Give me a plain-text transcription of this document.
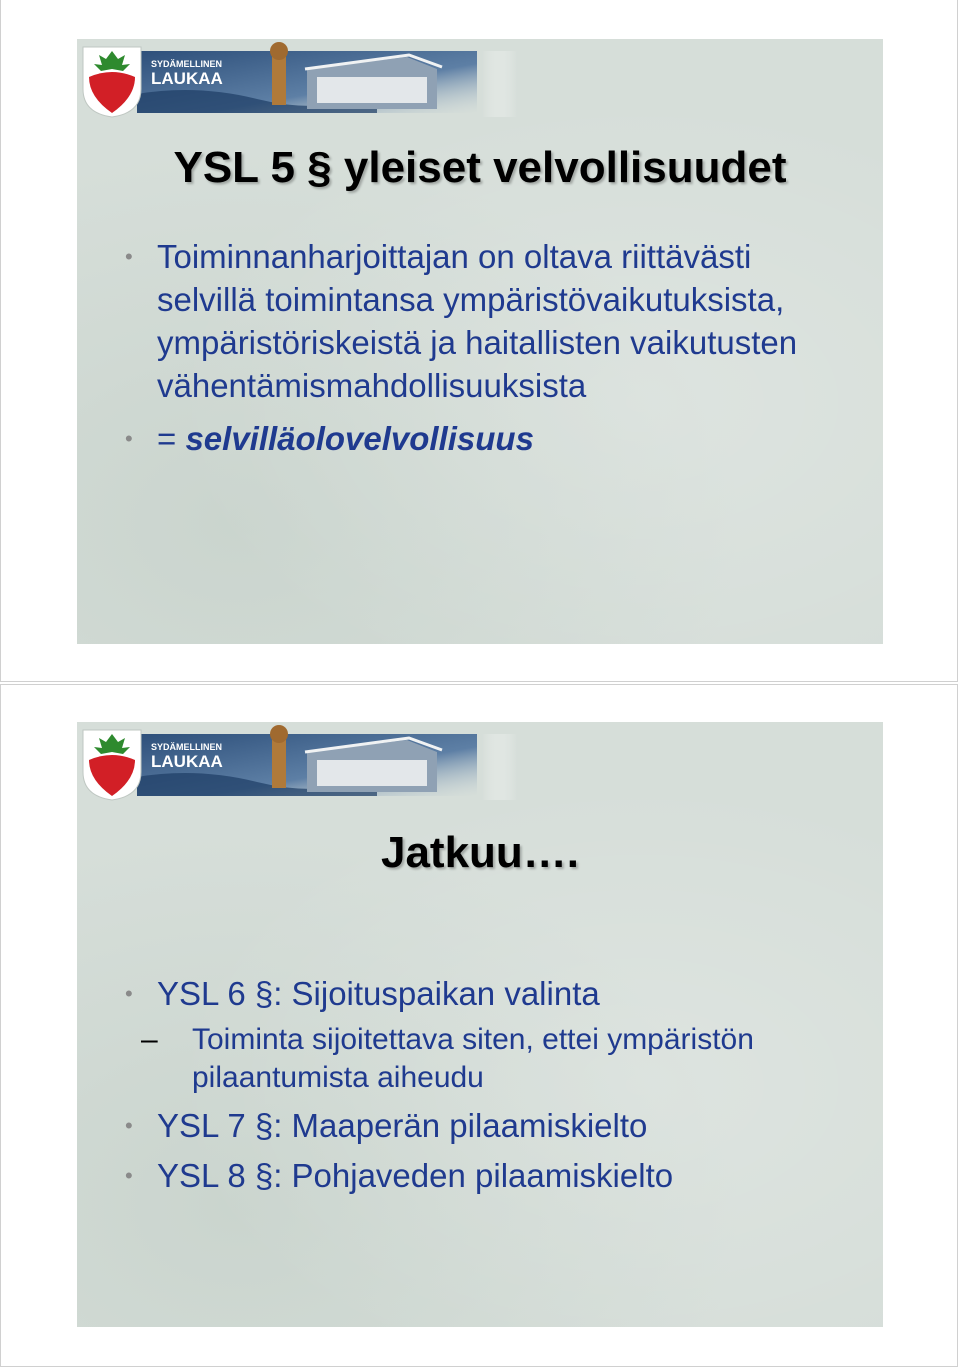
SYDÄMELLINEN
LAUKAA
YSL 5 § yleiset velvollisuudet
• Toiminnanharjoittajan on oltava riittävästi selvillä toimintansa ympäristövaikutuksista, ympäristöriskeistä ja haitallisten vaikutusten vähentämismahdollisuuksista
• = selvilläolovelvollisuus
SYDÄMELLINEN
LAUKAA
Jatkuu….
• YSL 6 §: Sijoituspaikan valinta
– Toiminta sijoitettava siten, ettei ympäristön pilaantumista aiheudu
• YSL 7 §: Maaperän pilaamiskielto
• YSL 8 §: Pohjaveden pilaamiskielto
